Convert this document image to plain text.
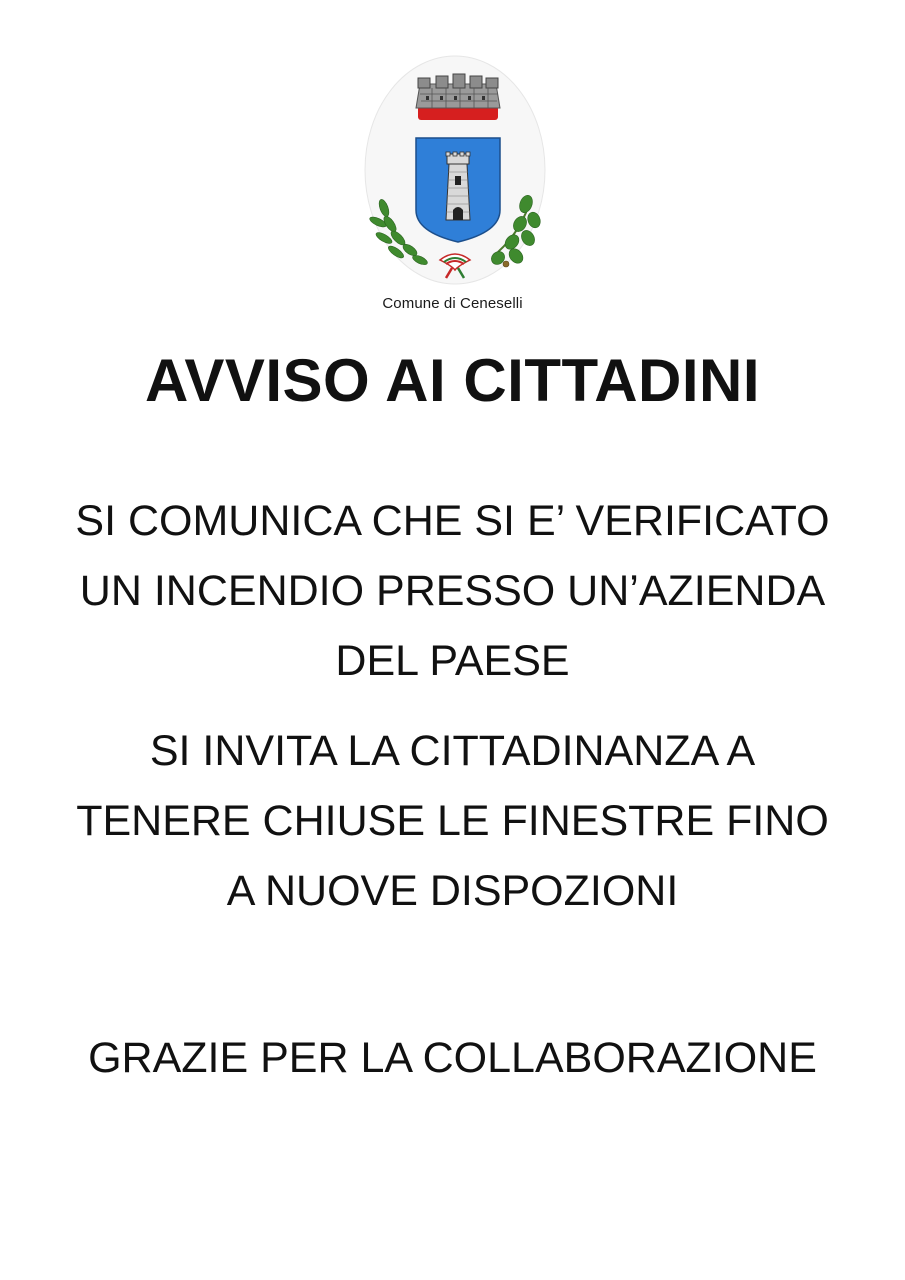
Comune di Ceneselli
AVVISO AI CITTADINI
SI COMUNICA CHE SI E’ VERIFICATO
UN INCENDIO PRESSO UN’AZIENDA
DEL PAESE
SI INVITA LA CITTADINANZA A
TENERE CHIUSE LE FINESTRE FINO
A NUOVE DISPOZIONI

GRAZIE PER LA COLLABORAZIONE
